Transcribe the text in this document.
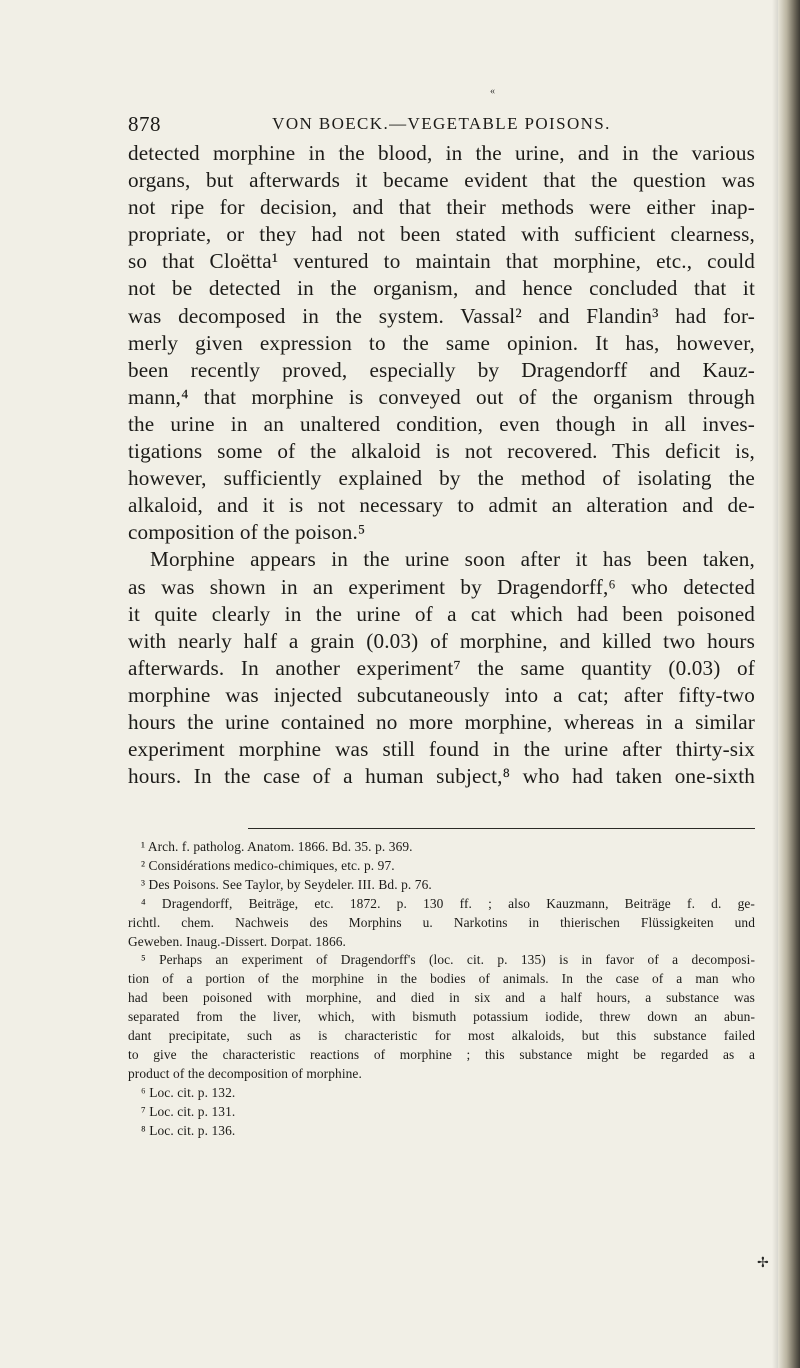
«
878	VON BOECK.—VEGETABLE POISONS.
detected morphine in the blood, in the urine, and in the various
organs, but afterwards it became evident that the question was
not ripe for decision, and that their methods were either inap-
propriate, or they had not been stated with sufficient clearness,
so that Cloëtta¹ ventured to maintain that morphine, etc., could
not be detected in the organism, and hence concluded that it
was decomposed in the system. Vassal² and Flandin³ had for-
merly given expression to the same opinion. It has, however,
been recently proved, especially by Dragendorff and Kauz-
mann,⁴ that morphine is conveyed out of the organism through
the urine in an unaltered condition, even though in all inves-
tigations some of the alkaloid is not recovered. This deficit is,
however, sufficiently explained by the method of isolating the
alkaloid, and it is not necessary to admit an alteration and de-
composition of the poison.⁵
Morphine appears in the urine soon after it has been taken,
as was shown in an experiment by Dragendorff,⁶ who detected
it quite clearly in the urine of a cat which had been poisoned
with nearly half a grain (0.03) of morphine, and killed two hours
afterwards. In another experiment⁷ the same quantity (0.03) of
morphine was injected subcutaneously into a cat; after fifty-two
hours the urine contained no more morphine, whereas in a similar
experiment morphine was still found in the urine after thirty-six
hours. In the case of a human subject,⁸ who had taken one-sixth
¹ Arch. f. patholog. Anatom. 1866. Bd. 35. p. 369.
² Considérations medico-chimiques, etc. p. 97.
³ Des Poisons. See Taylor, by Seydeler. III. Bd. p. 76.
⁴ Dragendorff, Beiträge, etc. 1872. p. 130 ff. ; also Kauzmann, Beiträge f. d. ge-
richtl. chem. Nachweis des Morphins u. Narkotins in thierischen Flüssigkeiten und
Geweben. Inaug.-Dissert. Dorpat. 1866.
⁵ Perhaps an experiment of Dragendorff's (loc. cit. p. 135) is in favor of a decomposi-
tion of a portion of the morphine in the bodies of animals. In the case of a man who
had been poisoned with morphine, and died in six and a half hours, a substance was
separated from the liver, which, with bismuth potassium iodide, threw down an abun-
dant precipitate, such as is characteristic for most alkaloids, but this substance failed
to give the characteristic reactions of morphine ; this substance might be regarded as a
product of the decomposition of morphine.
⁶ Loc. cit. p. 132.
⁷ Loc. cit. p. 131.
⁸ Loc. cit. p. 136.
✢
